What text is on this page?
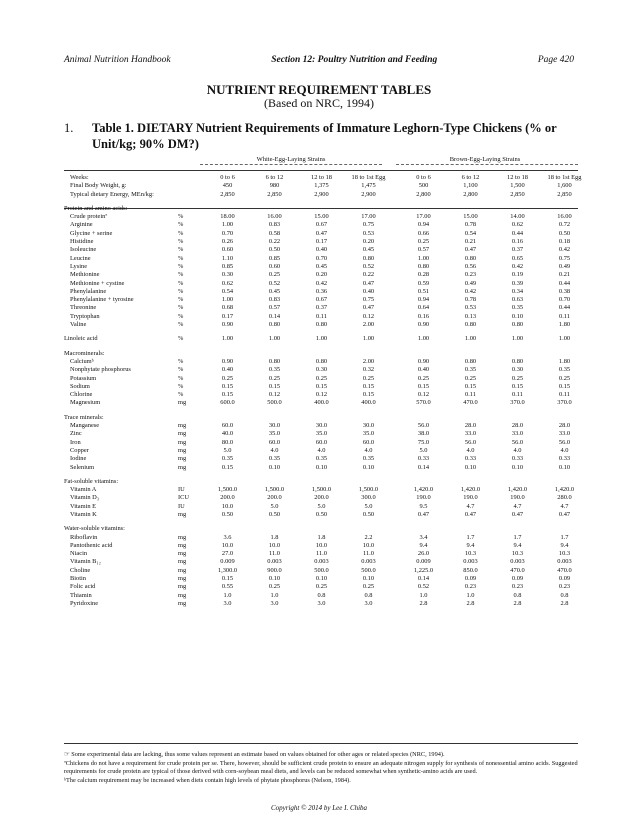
Animal Nutrition Handbook	Section 12: Poultry Nutrition and Feeding	Page 420
NUTRIENT REQUIREMENT TABLES
(Based on NRC, 1994)
1.	Table 1. DIETARY Nutrient Requirements of Immature Leghorn-Type Chickens (% or Unit/kg; 90% DM?)
White-Egg-Laying Strains	Brown-Egg-Laying Strains
Weeks:		0 to 6	6 to 12	12 to 18	18 to 1st Egg		0 to 6	6 to 12	12 to 18	18 to 1st Egg
Final Body Weight, g:		450	980	1,375	1,475		500	1,100	1,500	1,600
Typical dietary Energy, MEn/kg:		2,850	2,850	2,900	2,900		2,800	2,800	2,850	2,850

Protein and amino acids:										
Crude proteinª	%	18.00	16.00	15.00	17.00		17.00	15.00	14.00	16.00
Arginine	%	1.00	0.83	0.67	0.75		0.94	0.78	0.62	0.72
Glycine + serine	%	0.70	0.58	0.47	0.53		0.66	0.54	0.44	0.50
Histidine	%	0.26	0.22	0.17	0.20		0.25	0.21	0.16	0.18
Isoleucine	%	0.60	0.50	0.40	0.45		0.57	0.47	0.37	0.42
Leucine	%	1.10	0.85	0.70	0.80		1.00	0.80	0.65	0.75
Lysine	%	0.85	0.60	0.45	0.52		0.80	0.56	0.42	0.49
Methionine	%	0.30	0.25	0.20	0.22		0.28	0.23	0.19	0.21
Methionine + cystine	%	0.62	0.52	0.42	0.47		0.59	0.49	0.39	0.44
Phenylalanine	%	0.54	0.45	0.36	0.40		0.51	0.42	0.34	0.38
Phenylalanine + tyrosine	%	1.00	0.83	0.67	0.75		0.94	0.78	0.63	0.70
Threonine	%	0.68	0.57	0.37	0.47		0.64	0.53	0.35	0.44
Tryptophan	%	0.17	0.14	0.11	0.12		0.16	0.13	0.10	0.11
Valine	%	0.90	0.80	0.80	2.00		0.90	0.80	0.80	1.80

Linoleic acid	%	1.00	1.00	1.00	1.00		1.00	1.00	1.00	1.00

Macrominerals:										
Calciumᵇ	%	0.90	0.80	0.80	2.00		0.90	0.80	0.80	1.80
Nonphytate phosphorus	%	0.40	0.35	0.30	0.32		0.40	0.35	0.30	0.35
Potassium	%	0.25	0.25	0.25	0.25		0.25	0.25	0.25	0.25
Sodium	%	0.15	0.15	0.15	0.15		0.15	0.15	0.15	0.15
Chlorine	%	0.15	0.12	0.12	0.15		0.12	0.11	0.11	0.11
Magnesium	mg	600.0	500.0	400.0	400.0		570.0	470.0	370.0	370.0

Trace minerals:										
Manganese	mg	60.0	30.0	30.0	30.0		56.0	28.0	28.0	28.0
Zinc	mg	40.0	35.0	35.0	35.0		38.0	33.0	33.0	33.0
Iron	mg	80.0	60.0	60.0	60.0		75.0	56.0	56.0	56.0
Copper	mg	5.0	4.0	4.0	4.0		5.0	4.0	4.0	4.0
Iodine	mg	0.35	0.35	0.35	0.35		0.33	0.33	0.33	0.33
Selenium	mg	0.15	0.10	0.10	0.10		0.14	0.10	0.10	0.10

Fat-soluble vitamins:										
Vitamin A	IU	1,500.0	1,500.0	1,500.0	1,500.0		1,420.0	1,420.0	1,420.0	1,420.0
Vitamin D₃	ICU	200.0	200.0	200.0	300.0		190.0	190.0	190.0	280.0
Vitamin E	IU	10.0	5.0	5.0	5.0		9.5	4.7	4.7	4.7
Vitamin K	mg	0.50	0.50	0.50	0.50		0.47	0.47	0.47	0.47

Water-soluble vitamins:										
Riboflavin	mg	3.6	1.8	1.8	2.2		3.4	1.7	1.7	1.7
Pantothenic acid	mg	10.0	10.0	10.0	10.0		9.4	9.4	9.4	9.4
Niacin	mg	27.0	11.0	11.0	11.0		26.0	10.3	10.3	10.3
Vitamin B₁₂	mg	0.009	0.003	0.003	0.003		0.009	0.003	0.003	0.003
Choline	mg	1,300.0	900.0	500.0	500.0		1,225.0	850.0	470.0	470.0
Biotin	mg	0.15	0.10	0.10	0.10		0.14	0.09	0.09	0.09
Folic acid	mg	0.55	0.25	0.25	0.25		0.52	0.23	0.23	0.23
Thiamin	mg	1.0	1.0	0.8	0.8		1.0	1.0	0.8	0.8
Pyridoxine	mg	3.0	3.0	3.0	3.0		2.8	2.8	2.8	2.8

☞ Some experimental data are lacking, thus some values represent an estimate based on values obtained for other ages or related species (NRC, 1994).

ªChickens do not have a requirement for crude protein per se. There, however, should be sufficient crude protein to ensure an adequate nitrogen supply for synthesis of nonessential amino acids. Suggested requirements for crude protein are typical of those derived with corn-soybean meal diets, and levels can be reduced somewhat when synthetic-amino acids are used.

ᵇThe calcium requirement may be increased when diets contain high levels of phytate phosphorus (Nelson, 1984).

Copyright © 2014 by Lee I. Chiba
